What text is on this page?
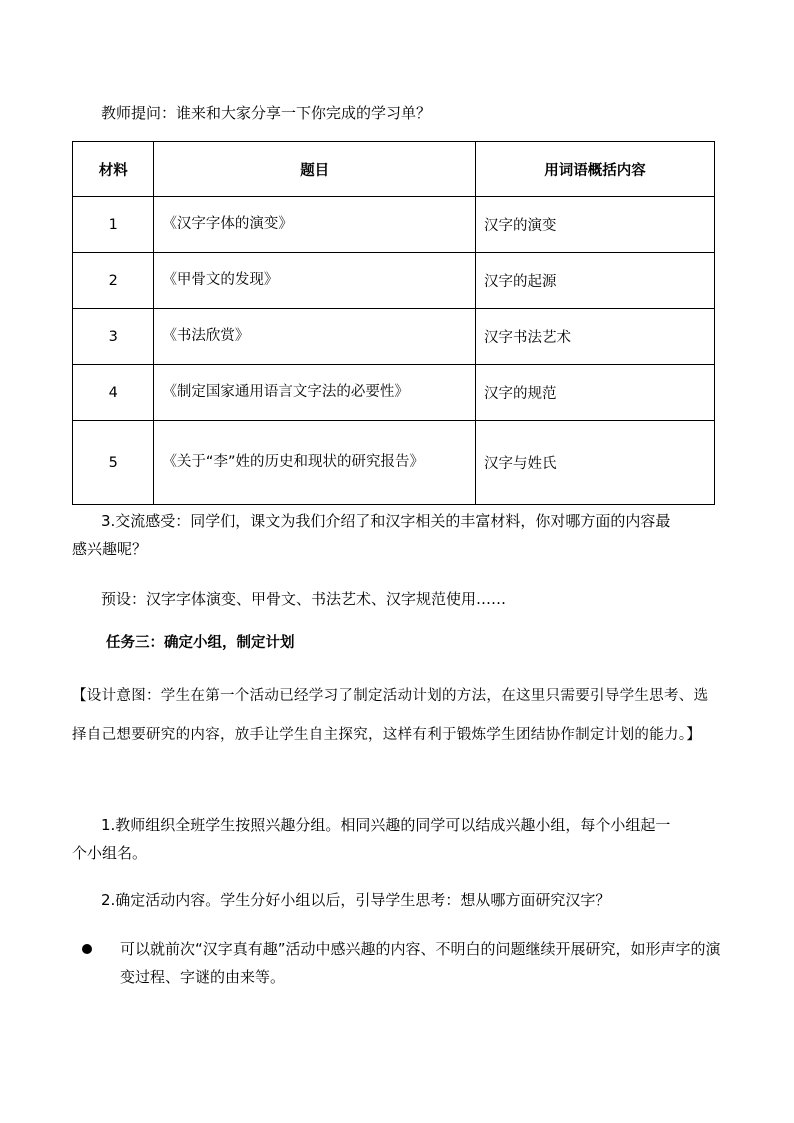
教师提问：谁来和大家分享一下你完成的学习单？
材料	题目	用词语概括内容
1	《汉字字体的演变》	汉字的演变
2	《甲骨文的发现》	汉字的起源
3	《书法欣赏》	汉字书法艺术
4	《制定国家通用语言文字法的必要性》	汉字的规范
5	《关于“李”姓的历史和现状的研究报告》	汉字与姓氏
3.交流感受：同学们，课文为我们介绍了和汉字相关的丰富材料，你对哪方面的内容最
感兴趣呢？
预设：汉字字体演变、甲骨文、书法艺术、汉字规范使用……
任务三：确定小组，制定计划
【设计意图：学生在第一个活动已经学习了制定活动计划的方法，在这里只需要引导学生思考、选择自己想要研究的内容，放手让学生自主探究，这样有利于锻炼学生团结协作制定计划的能力。】
1.教师组织全班学生按照兴趣分组。相同兴趣的同学可以结成兴趣小组，每个小组起一
个小组名。
2.确定活动内容。学生分好小组以后，引导学生思考：想从哪方面研究汉字？
可以就前次“汉字真有趣”活动中感兴趣的内容、不明白的问题继续开展研究，如形声字的演变过程、字谜的由来等。
